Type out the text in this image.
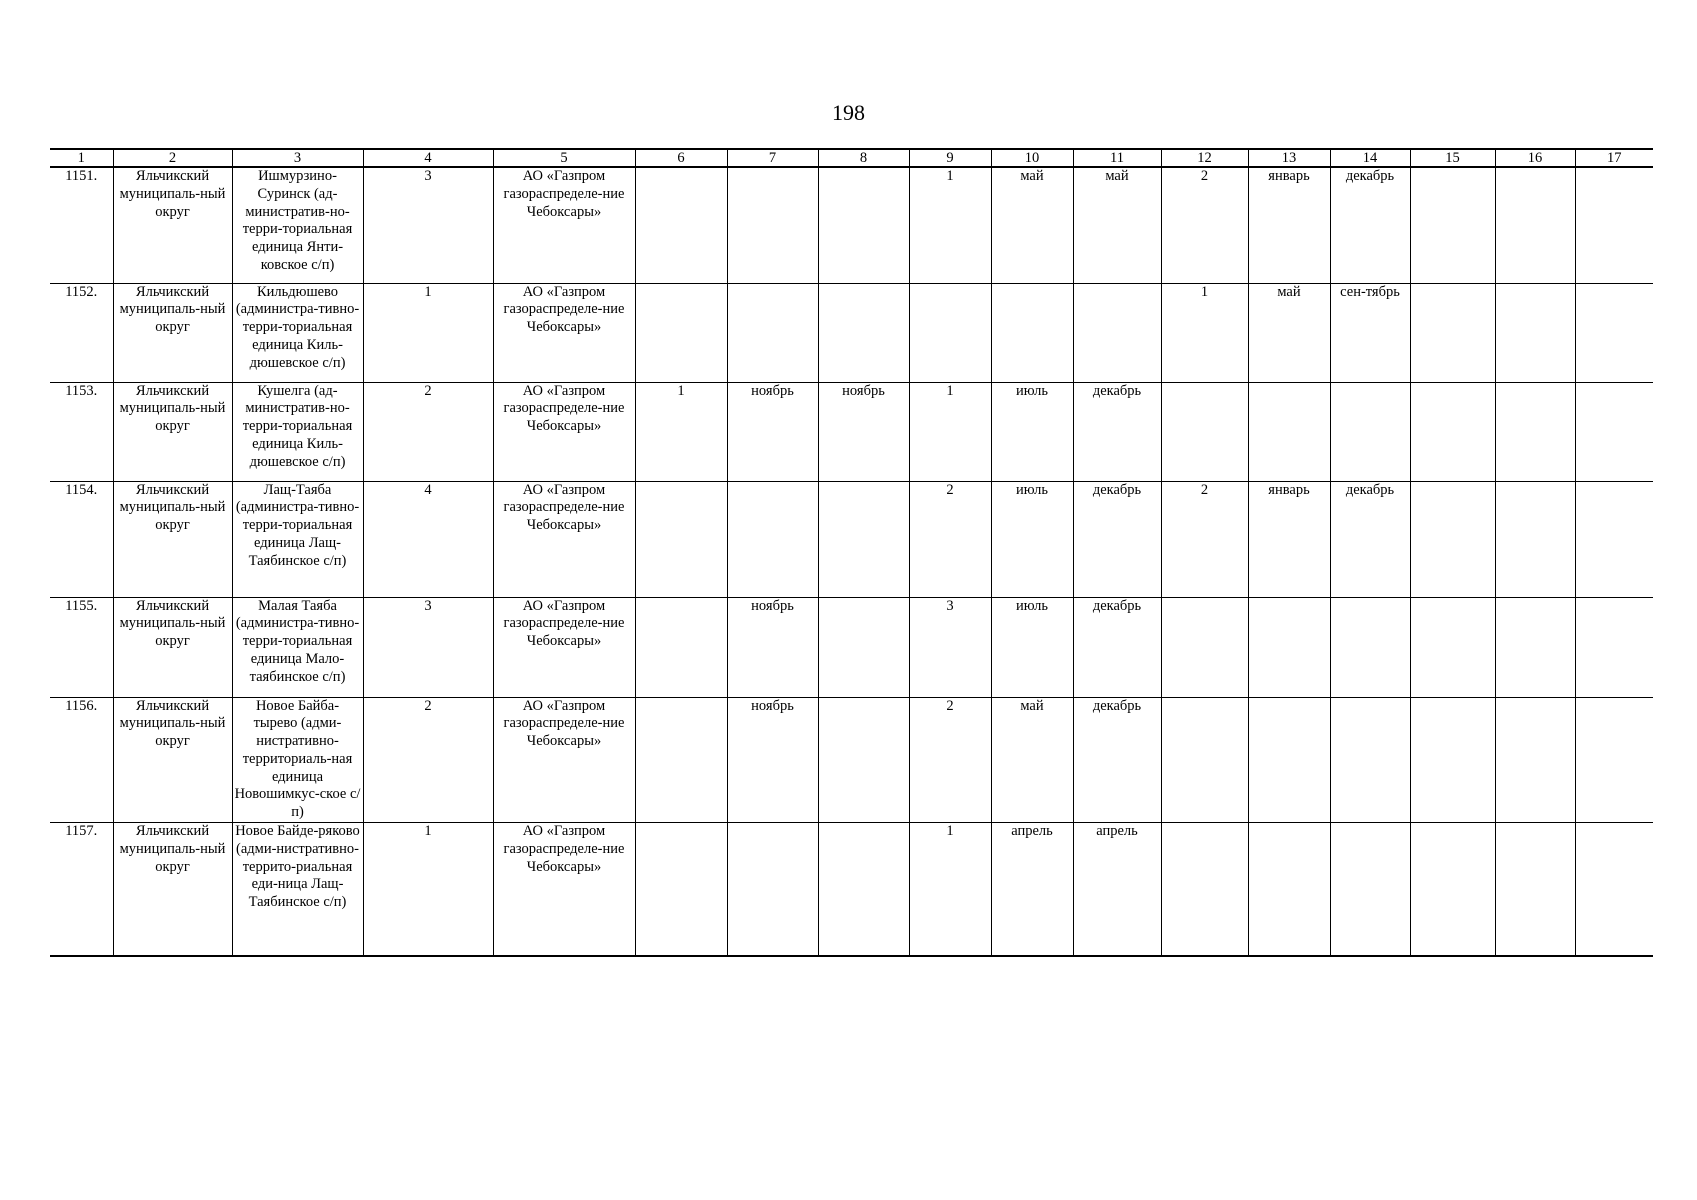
198
1	2	3	4	5	6	7	8	9	10	11	12	13	14	15	16	17
1151.	Яльчикский муниципаль-ный округ	Ишмурзино-Суринск (ад-министратив-но-терри-ториальная единица Янти-ковское с/п)	3	АО «Газпром газораспределе-ние Чебоксары»				1	май	май	2	январь	декабрь			
1152.	Яльчикский муниципаль-ный округ	Кильдюшево (администра-тивно-терри-ториальная единица Киль-дюшевское с/п)	1	АО «Газпром газораспределе-ние Чебоксары»							1	май	сен-тябрь			
1153.	Яльчикский муниципаль-ный округ	Кушелга (ад-министратив-но-терри-ториальная единица Киль-дюшевское с/п)	2	АО «Газпром газораспределе-ние Чебоксары»	1	ноябрь	ноябрь	1	июль	декабрь						
1154.	Яльчикский муниципаль-ный округ	Лащ-Таяба (администра-тивно-терри-ториальная единица Лащ-Таябинское с/п)	4	АО «Газпром газораспределе-ние Чебоксары»				2	июль	декабрь	2	январь	декабрь			
1155.	Яльчикский муниципаль-ный округ	Малая Таяба (администра-тивно-терри-ториальная единица Мало-таябинское с/п)	3	АО «Газпром газораспределе-ние Чебоксары»		ноябрь		3	июль	декабрь						
1156.	Яльчикский муниципаль-ный округ	Новое Байба-тырево (адми-нистративно-территориаль-ная единица Новошимкус-ское с/п)	2	АО «Газпром газораспределе-ние Чебоксары»		ноябрь		2	май	декабрь						
1157.	Яльчикский муниципаль-ный округ	Новое Байде-ряково (адми-нистративно-террито-риальная еди-ница Лащ-Таябинское с/п)	1	АО «Газпром газораспределе-ние Чебоксары»				1	апрель	апрель						
